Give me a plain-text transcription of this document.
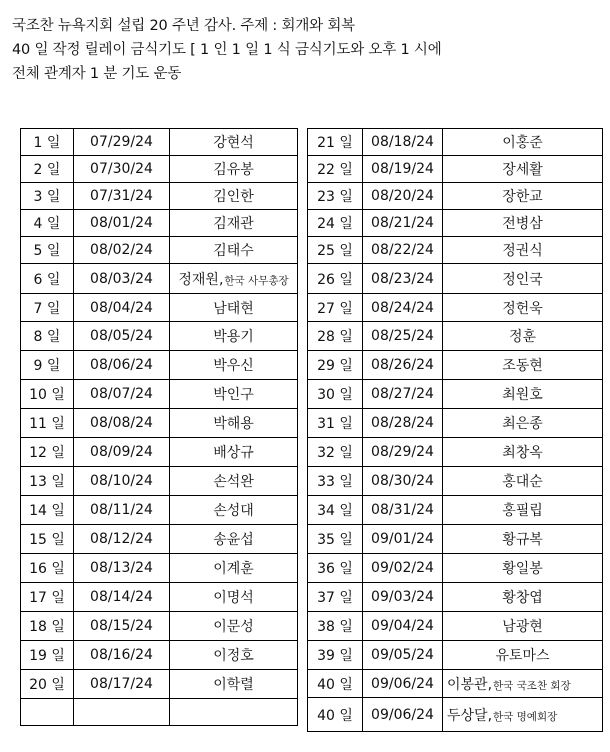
국조찬 뉴욕지회 설립 20 주년 감사. 주제 : 회개와 회복
40 일 작정 릴레이 금식기도 [ 1 인 1 일 1 식 금식기도와 오후 1 시에
전체 관계자 1 분 기도 운동
1 일	07/29/24	강현석
2 일	07/30/24	김유봉
3 일	07/31/24	김인한
4 일	08/01/24	김재관
5 일	08/02/24	김태수
6 일	08/03/24	정재원,한국 사무총장
7 일	08/04/24	남태현
8 일	08/05/24	박용기
9 일	08/06/24	박우신
10 일	08/07/24	박인구
11 일	08/08/24	박해용
12 일	08/09/24	배상규
13 일	08/10/24	손석완
14 일	08/11/24	손성대
15 일	08/12/24	송윤섭
16 일	08/13/24	이계훈
17 일	08/14/24	이명석
18 일	08/15/24	이문성
19 일	08/16/24	이정호
20 일	08/17/24	이학렬

21 일	08/18/24	이홍준
22 일	08/19/24	장세활
23 일	08/20/24	장한교
24 일	08/21/24	전병삼
25 일	08/22/24	정권식
26 일	08/23/24	정인국
27 일	08/24/24	정헌욱
28 일	08/25/24	정훈
29 일	08/26/24	조동현
30 일	08/27/24	최원호
31 일	08/28/24	최은종
32 일	08/29/24	최창옥
33 일	08/30/24	홍대순
34 일	08/31/24	홍필립
35 일	09/01/24	황규복
36 일	09/02/24	황일봉
37 일	09/03/24	황창엽
38 일	09/04/24	남광현
39 일	09/05/24	유토마스
40 일	09/06/24	이봉관,한국 국조찬 회장
40 일	09/06/24	두상달,한국 명예회장
